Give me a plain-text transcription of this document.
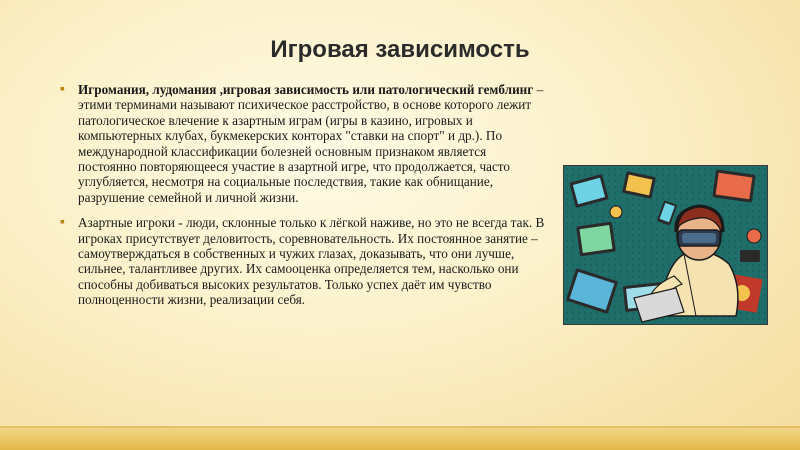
Игровая зависимость
▪ Игромания, лудомания ,игровая зависимость или патологический гемблинг – этими терминами называют психическое расстройство, в основе которого лежит патологическое влечение к азартным играм (игры в казино, игровых и компьютерных клубах, букмекерских конторах "ставки на спорт" и др.). По международной классификации болезней основным признаком является постоянно повторяющееся участие в азартной игре, что продолжается, часто углубляется, несмотря на социальные последствия, такие как обнищание, разрушение семейной и личной жизни.

▪ Азартные игроки - люди, склонные только к лёгкой наживе, но это не всегда так. В игроках присутствует деловитость, соревновательность. Их постоянное занятие – самоутверждаться в собственных и чужих глазах, доказывать, что они лучше, сильнее, талантливее других. Их самооценка определяется тем, насколько они способны добиваться высоких результатов. Только успех даёт им чувство полноценности жизни, реализации себя.
